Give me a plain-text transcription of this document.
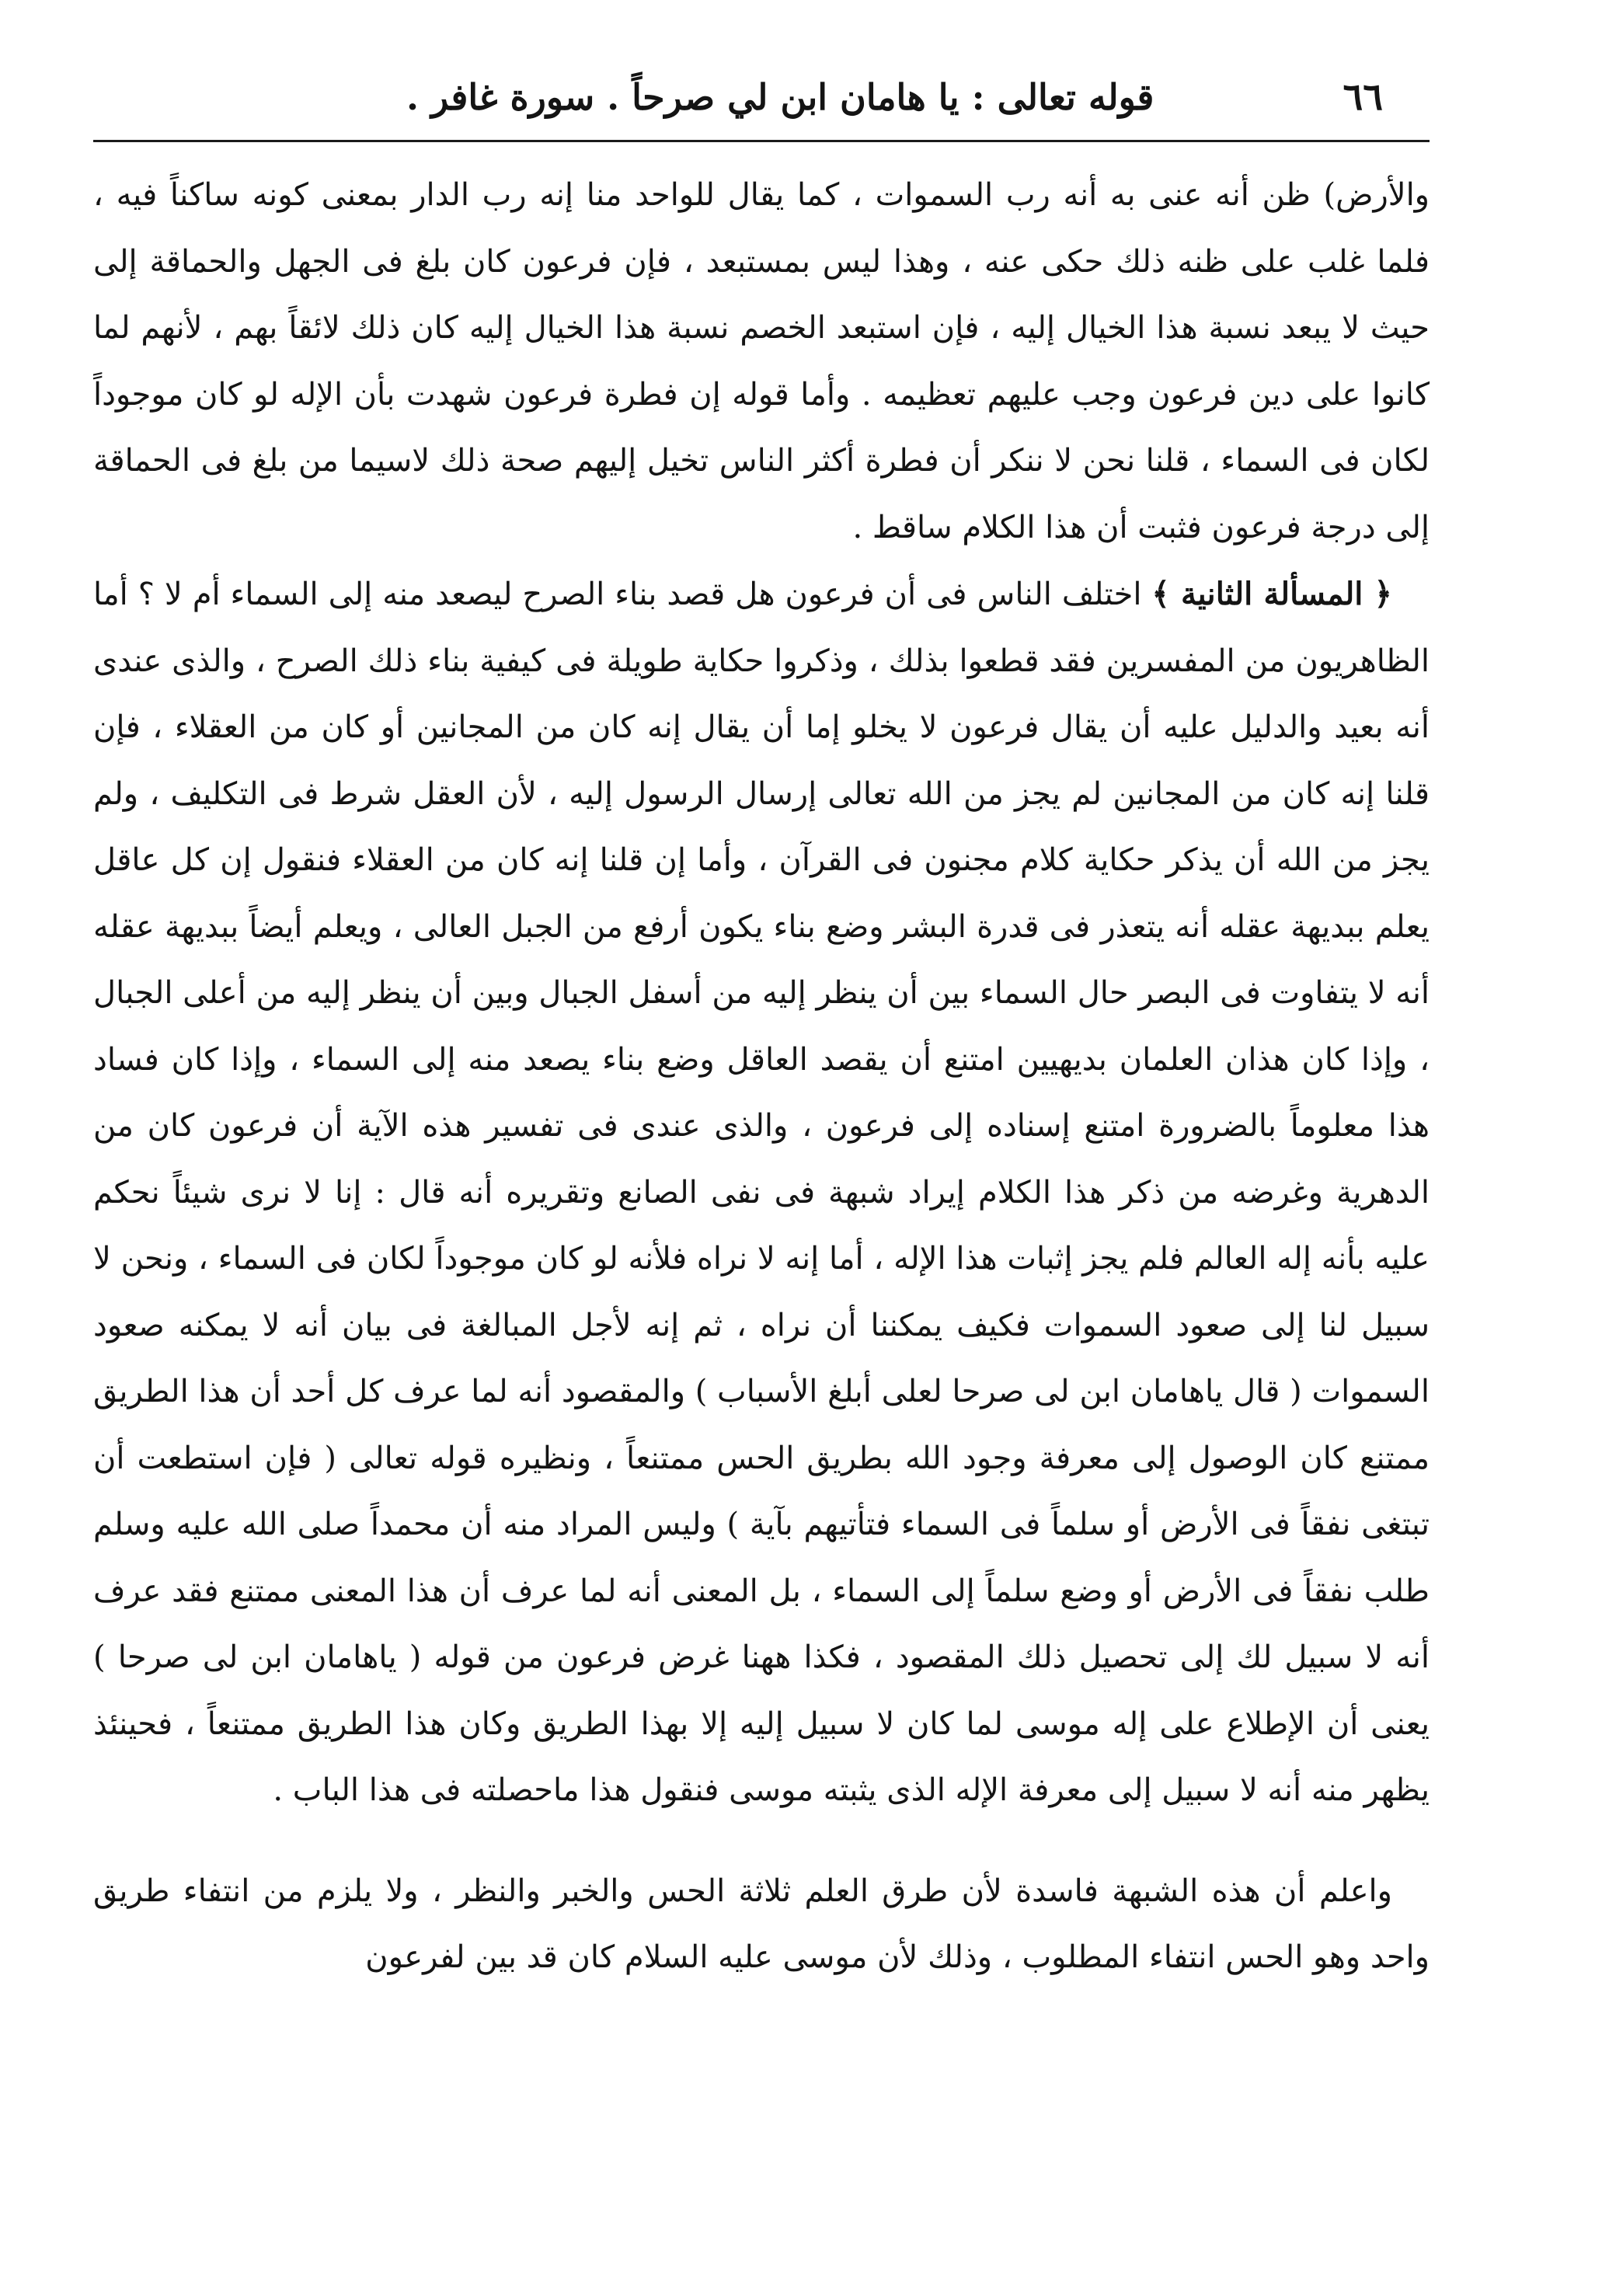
٦٦
قوله تعالى : يا هامان ابن لي صرحاً . سورة غافر .

والأرض) ظن أنه عنى به أنه رب السموات ، كما يقال للواحد منا إنه رب الدار بمعنى كونه ساكناً فيه ، فلما غلب على ظنه ذلك حكى عنه ، وهذا ليس بمستبعد ، فإن فرعون كان بلغ فى الجهل والحماقة إلى حيث لا يبعد نسبة هذا الخيال إليه ، فإن استبعد الخصم نسبة هذا الخيال إليه كان ذلك لائقاً بهم ، لأنهم لما كانوا على دين فرعون وجب عليهم تعظيمه . وأما قوله إن فطرة فرعون شهدت بأن الإله لو كان موجوداً لكان فى السماء ، قلنا نحن لا ننكر أن فطرة أكثر الناس تخيل إليهم صحة ذلك لاسيما من بلغ فى الحماقة إلى درجة فرعون فثبت أن هذا الكلام ساقط .

﴿ المسألة الثانية ﴾ اختلف الناس فى أن فرعون هل قصد بناء الصرح ليصعد منه إلى السماء أم لا ؟ أما الظاهريون من المفسرين فقد قطعوا بذلك ، وذكروا حكاية طويلة فى كيفية بناء ذلك الصرح ، والذى عندى أنه بعيد والدليل عليه أن يقال فرعون لا يخلو إما أن يقال إنه كان من المجانين أو كان من العقلاء ، فإن قلنا إنه كان من المجانين لم يجز من الله تعالى إرسال الرسول إليه ، لأن العقل شرط فى التكليف ، ولم يجز من الله أن يذكر حكاية كلام مجنون فى القرآن ، وأما إن قلنا إنه كان من العقلاء فنقول إن كل عاقل يعلم ببديهة عقله أنه يتعذر فى قدرة البشر وضع بناء يكون أرفع من الجبل العالى ، ويعلم أيضاً ببديهة عقله أنه لا يتفاوت فى البصر حال السماء بين أن ينظر إليه من أسفل الجبال وبين أن ينظر إليه من أعلى الجبال ، وإذا كان هذان العلمان بديهيين امتنع أن يقصد العاقل وضع بناء يصعد منه إلى السماء ، وإذا كان فساد هذا معلوماً بالضرورة امتنع إسناده إلى فرعون ، والذى عندى فى تفسير هذه الآية أن فرعون كان من الدهرية وغرضه من ذكر هذا الكلام إيراد شبهة فى نفى الصانع وتقريره أنه قال : إنا لا نرى شيئاً نحكم عليه بأنه إله العالم فلم يجز إثبات هذا الإله ، أما إنه لا نراه فلأنه لو كان موجوداً لكان فى السماء ، ونحن لا سبيل لنا إلى صعود السموات فكيف يمكننا أن نراه ، ثم إنه لأجل المبالغة فى بيان أنه لا يمكنه صعود السموات ( قال ياهامان ابن لى صرحا لعلى أبلغ الأسباب ) والمقصود أنه لما عرف كل أحد أن هذا الطريق ممتنع كان الوصول إلى معرفة وجود الله بطريق الحس ممتنعاً ، ونظيره قوله تعالى ( فإن استطعت أن تبتغى نفقاً فى الأرض أو سلماً فى السماء فتأتيهم بآية ) وليس المراد منه أن محمداً صلى الله عليه وسلم طلب نفقاً فى الأرض أو وضع سلماً إلى السماء ، بل المعنى أنه لما عرف أن هذا المعنى ممتنع فقد عرف أنه لا سبيل لك إلى تحصيل ذلك المقصود ، فكذا ههنا غرض فرعون من قوله ( ياهامان ابن لى صرحا ) يعنى أن الإطلاع على إله موسى لما كان لا سبيل إليه إلا بهذا الطريق وكان هذا الطريق ممتنعاً ، فحينئذ يظهر منه أنه لا سبيل إلى معرفة الإله الذى يثبته موسى فنقول هذا ماحصلته فى هذا الباب .

واعلم أن هذه الشبهة فاسدة لأن طرق العلم ثلاثة الحس والخبر والنظر ، ولا يلزم من انتفاء طريق واحد وهو الحس انتفاء المطلوب ، وذلك لأن موسى عليه السلام كان قد بين لفرعون
